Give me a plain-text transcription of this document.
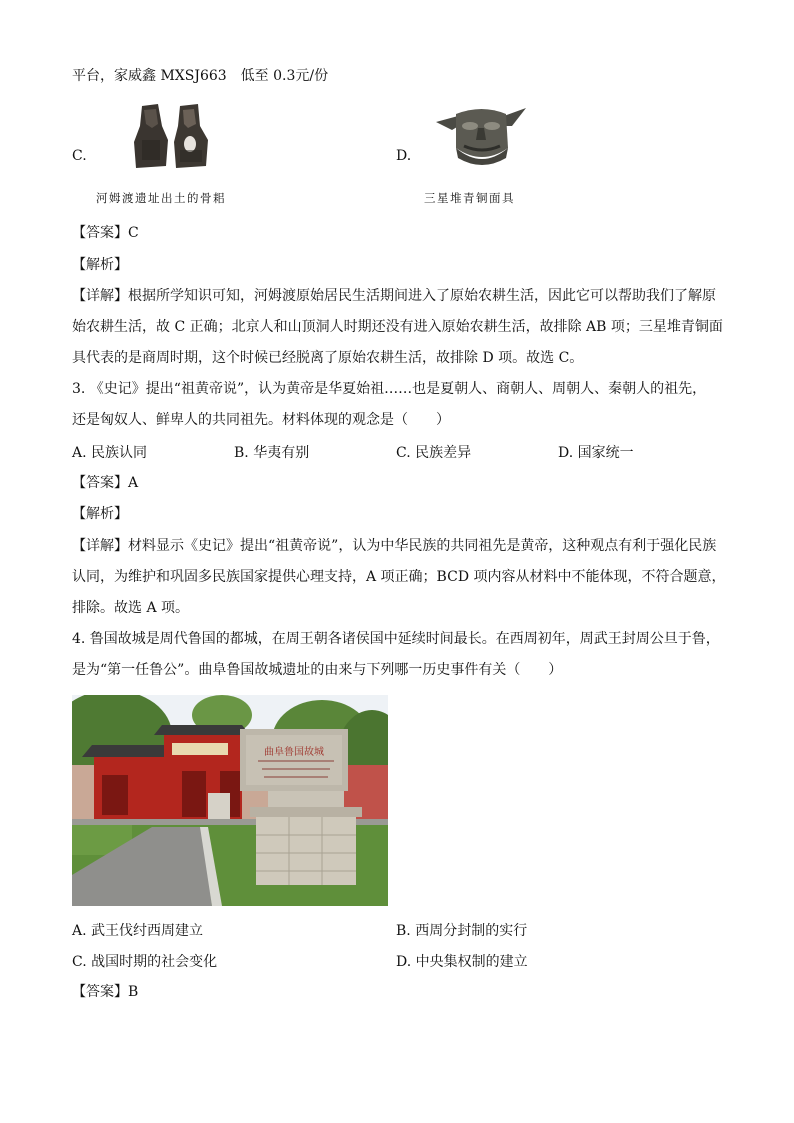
平台，家威鑫 MXSJ663　低至 0.3元/份
C.
河姆渡遗址出土的骨耜
D.
三星堆青铜面具
【答案】C
【解析】
【详解】根据所学知识可知，河姆渡原始居民生活期间进入了原始农耕生活，因此它可以帮助我们了解原
始农耕生活，故 C 正确；北京人和山顶洞人时期还没有进入原始农耕生活，故排除 AB 项；三星堆青铜面
具代表的是商周时期，这个时候已经脱离了原始农耕生活，故排除 D 项。故选 C。
3. 《史记》提出“祖黄帝说”，认为黄帝是华夏始祖……也是夏朝人、商朝人、周朝人、秦朝人的祖先，
还是匈奴人、鲜卑人的共同祖先。材料体现的观念是（　　）
A. 民族认同	B. 华夷有别	C. 民族差异	D. 国家统一
【答案】A
【解析】
【详解】材料显示《史记》提出“祖黄帝说”，认为中华民族的共同祖先是黄帝，这种观点有利于强化民族
认同，为维护和巩固多民族国家提供心理支持，A 项正确；BCD 项内容从材料中不能体现，不符合题意，
排除。故选 A 项。
4. 鲁国故城是周代鲁国的都城，在周王朝各诸侯国中延续时间最长。在西周初年，周武王封周公旦于鲁，
是为“第一任鲁公”。曲阜鲁国故城遗址的由来与下列哪一历史事件有关（　　）
曲阜鲁国故城
A. 武王伐纣西周建立	B. 西周分封制的实行
C. 战国时期的社会变化	D. 中央集权制的建立
【答案】B
